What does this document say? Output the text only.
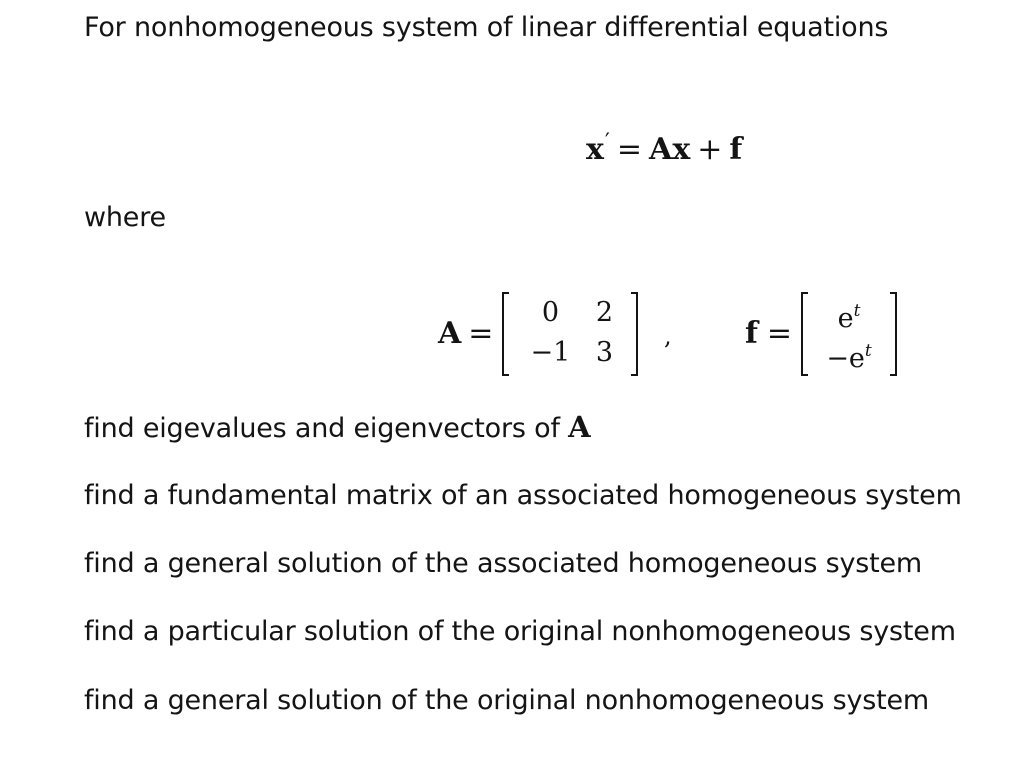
For nonhomogeneous system of linear differential equations
x′ = Ax + f
where
A =
0	2
−1 3
, f =	$e^t$
$-e^t$
find eigevalues and eigenvectors of A
find a fundamental matrix of an associated homogeneous system
find a general solution of the associated homogeneous system
find a particular solution of the original nonhomogeneous system
find a general solution of the original nonhomogeneous system
